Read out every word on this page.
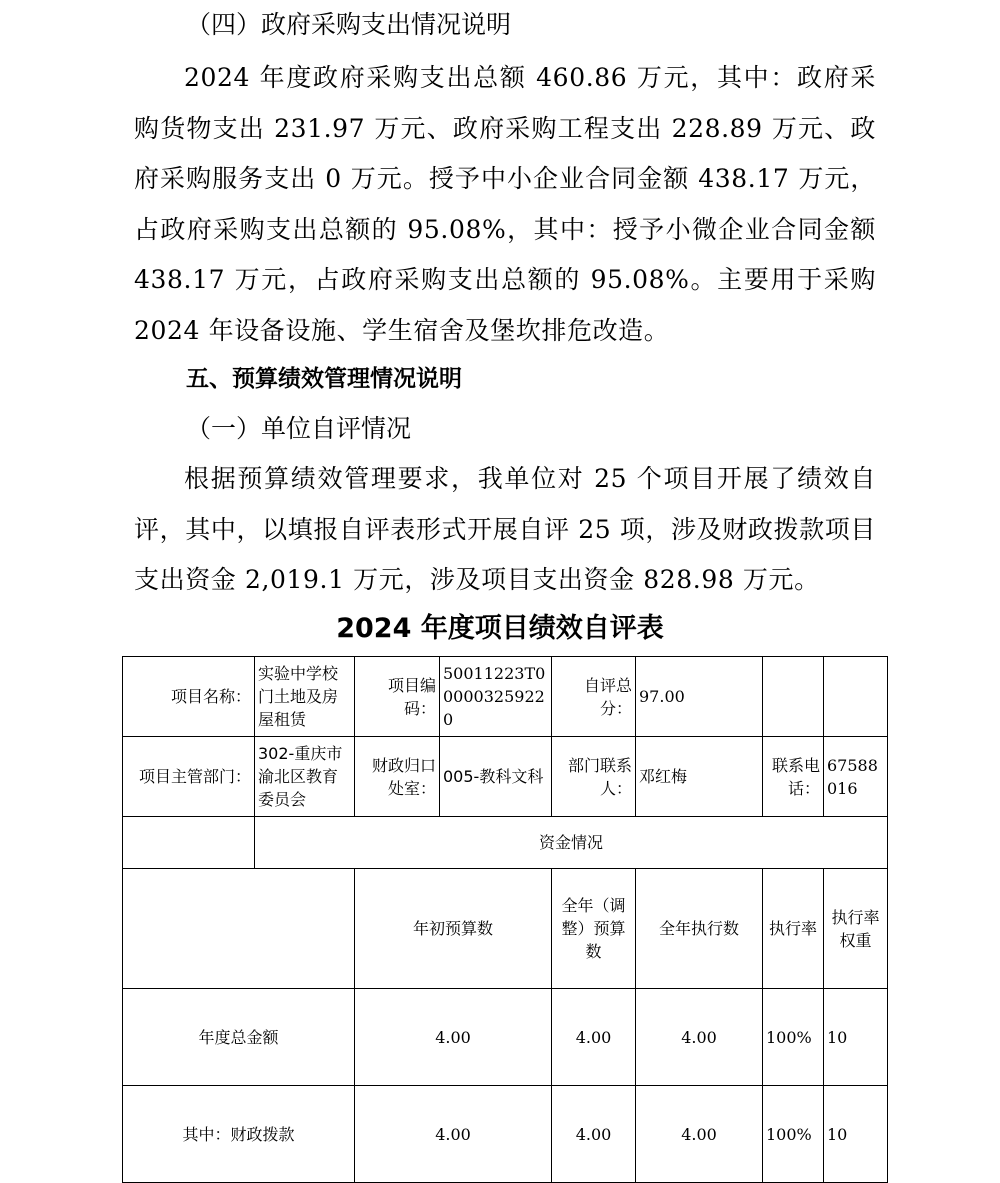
（四）政府采购支出情况说明

2024 年度政府采购支出总额 460.86 万元，其中：政府采购货物支出 231.97 万元、政府采购工程支出 228.89 万元、政府采购服务支出 0 万元。授予中小企业合同金额 438.17 万元，占政府采购支出总额的 95.08%，其中：授予小微企业合同金额 438.17 万元，占政府采购支出总额的 95.08%。主要用于采购 2024 年设备设施、学生宿舍及堡坎排危改造。

五、预算绩效管理情况说明

（一）单位自评情况

根据预算绩效管理要求，我单位对 25 个项目开展了绩效自评，其中，以填报自评表形式开展自评 25 项，涉及财政拨款项目支出资金 2,019.1 万元，涉及项目支出资金 828.98 万元。

2024 年度项目绩效自评表

项目名称：	实验中学校门土地及房屋租赁	项目编码：	50011223T000003259220	自评总分：	97.00			
项目主管部门：	302-重庆市渝北区教育委员会	财政归口处室：	005-教科文科	部门联系人：	邓红梅	联系电话：	67588016	
	资金情况							
		年初预算数		全年（调整）预算数	全年执行数	执行率	执行率权重	
年度总金额		4.00		4.00	4.00	100%	10	
其中：财政拨款		4.00		4.00	4.00	100%	10	
